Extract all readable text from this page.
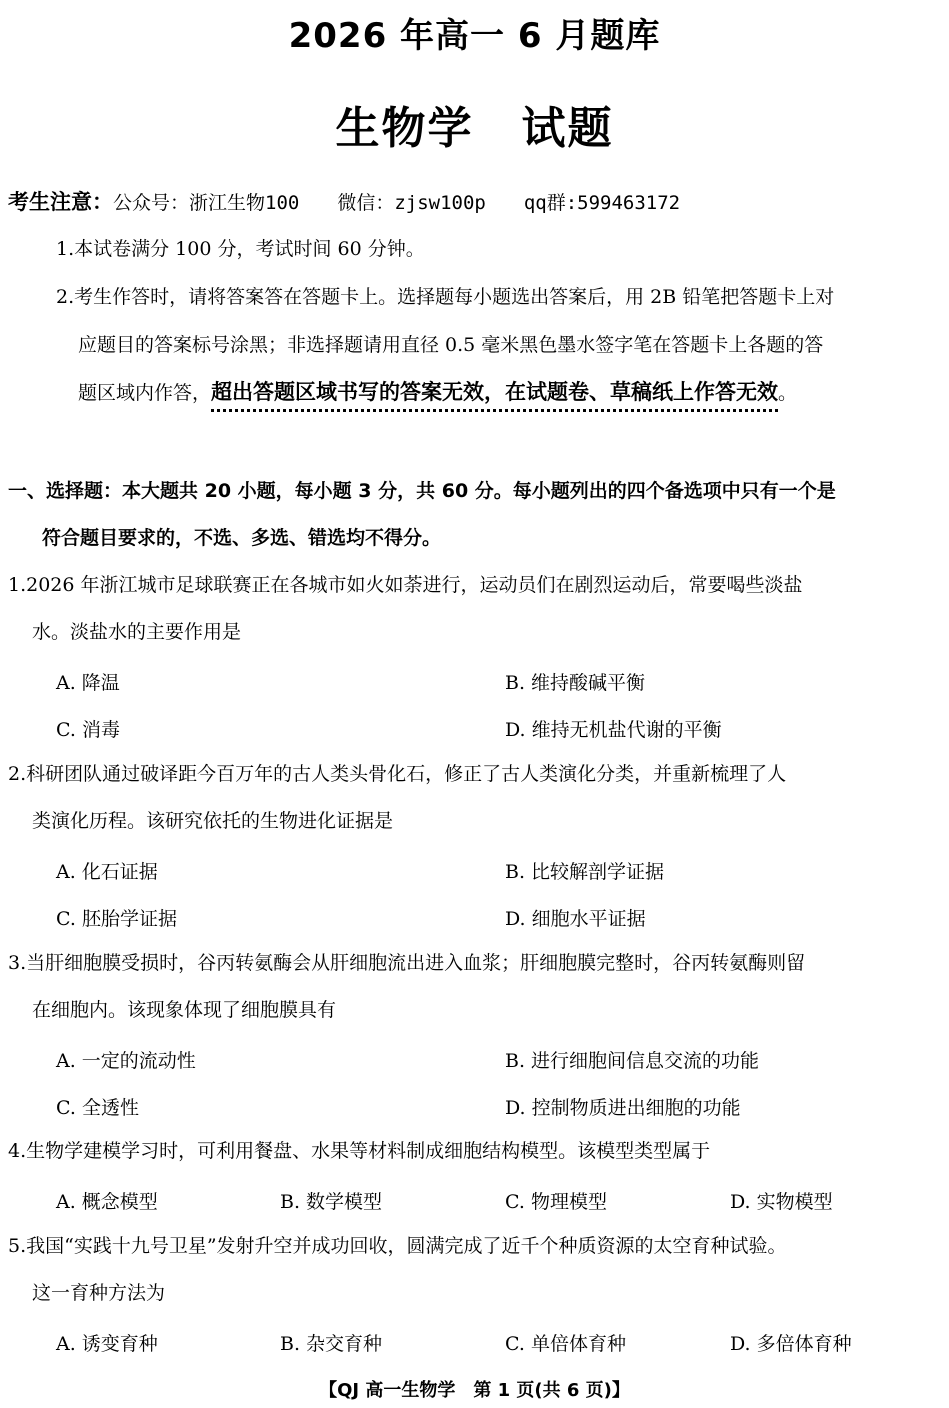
2026 年高一 6 月题库
生物学 试题
考生注意：公众号：浙江生物100 微信：zjsw100p qq群:599463172
1.本试卷满分 100 分，考试时间 60 分钟。
2.考生作答时，请将答案答在答题卡上。选择题每小题选出答案后，用 2B 铅笔把答题卡上对
应题目的答案标号涂黑；非选择题请用直径 0.5 毫米黑色墨水签字笔在答题卡上各题的答
题区域内作答，超出答题区域书写的答案无效，在试题卷、草稿纸上作答无效。
一、选择题：本大题共 20 小题，每小题 3 分，共 60 分。每小题列出的四个备选项中只有一个是
符合题目要求的，不选、多选、错选均不得分。
1.2026 年浙江城市足球联赛正在各城市如火如荼进行，运动员们在剧烈运动后，常要喝些淡盐
水。淡盐水的主要作用是
A. 降温	B. 维持酸碱平衡
C. 消毒	D. 维持无机盐代谢的平衡
2.科研团队通过破译距今百万年的古人类头骨化石，修正了古人类演化分类，并重新梳理了人
类演化历程。该研究依托的生物进化证据是
A. 化石证据	B. 比较解剖学证据
C. 胚胎学证据	D. 细胞水平证据
3.当肝细胞膜受损时，谷丙转氨酶会从肝细胞流出进入血浆；肝细胞膜完整时，谷丙转氨酶则留
在细胞内。该现象体现了细胞膜具有
A. 一定的流动性	B. 进行细胞间信息交流的功能
C. 全透性	D. 控制物质进出细胞的功能
4.生物学建模学习时，可利用餐盘、水果等材料制成细胞结构模型。该模型类型属于
A. 概念模型	B. 数学模型	C. 物理模型	D. 实物模型
5.我国“实践十九号卫星”发射升空并成功回收，圆满完成了近千个种质资源的太空育种试验。
这一育种方法为
A. 诱变育种	B. 杂交育种	C. 单倍体育种	D. 多倍体育种
【QJ 高一生物学　第 1 页(共 6 页)】
